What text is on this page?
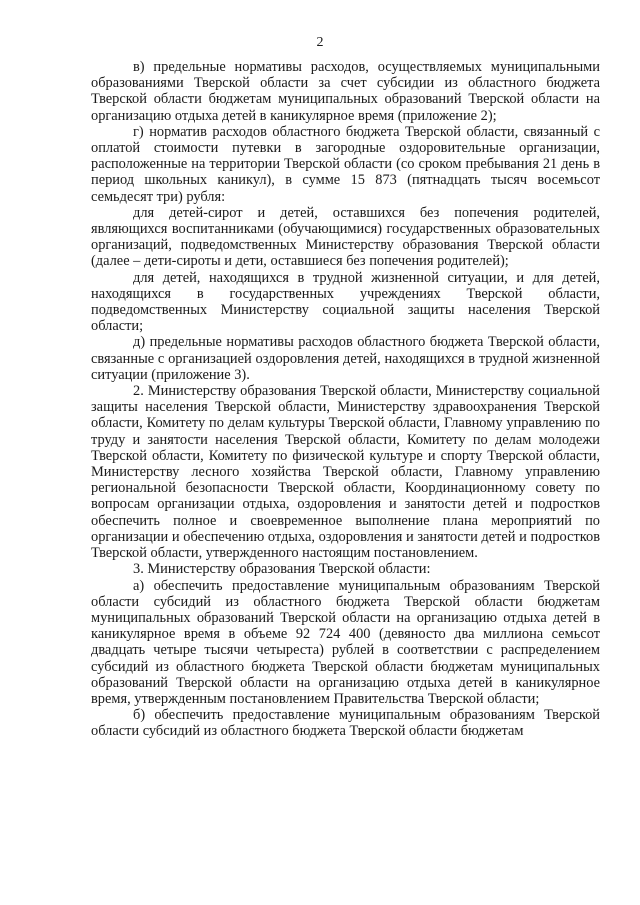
2

в) предельные нормативы расходов, осуществляемых муниципальными образованиями Тверской области за счет субсидии из областного бюджета Тверской области бюджетам муниципальных образований Тверской области на организацию отдыха детей в каникулярное время (приложение 2);

г) норматив расходов областного бюджета Тверской области, связанный с оплатой стоимости путевки в загородные оздоровительные организации, расположенные на территории Тверской области (со сроком пребывания 21 день в период школьных каникул), в сумме 15 873 (пятнадцать тысяч восемьсот семьдесят три) рубля:

для детей-сирот и детей, оставшихся без попечения родителей, являющихся воспитанниками (обучающимися) государственных образовательных организаций, подведомственных Министерству образования Тверской области (далее – дети-сироты и дети, оставшиеся без попечения родителей);

для детей, находящихся в трудной жизненной ситуации, и для детей, находящихся в государственных учреждениях Тверской области, подведомственных Министерству социальной защиты населения Тверской области;

д) предельные нормативы расходов областного бюджета Тверской области, связанные с организацией оздоровления детей, находящихся в трудной жизненной ситуации (приложение 3).

2. Министерству образования Тверской области, Министерству социальной защиты населения Тверской области, Министерству здравоохранения Тверской области, Комитету по делам культуры Тверской области, Главному управлению по труду и занятости населения Тверской области, Комитету по делам молодежи Тверской области, Комитету по физической культуре и спорту Тверской области, Министерству лесного хозяйства Тверской области, Главному управлению региональной безопасности Тверской области, Координационному совету по вопросам организации отдыха, оздоровления и занятости детей и подростков обеспечить полное и своевременное выполнение плана мероприятий по организации и обеспечению отдыха, оздоровления и занятости детей и подростков Тверской области, утвержденного настоящим постановлением.

3. Министерству образования Тверской области:

а) обеспечить предоставление муниципальным образованиям Тверской области субсидий из областного бюджета Тверской области бюджетам муниципальных образований Тверской области на организацию отдыха детей в каникулярное время в объеме 92 724 400 (девяносто два миллиона семьсот двадцать четыре тысячи четыреста) рублей в соответствии с распределением субсидий из областного бюджета Тверской области бюджетам муниципальных образований Тверской области на организацию отдыха детей в каникулярное время, утвержденным постановлением Правительства Тверской области;

б) обеспечить предоставление муниципальным образованиям Тверской области субсидий из областного бюджета Тверской области бюджетам
